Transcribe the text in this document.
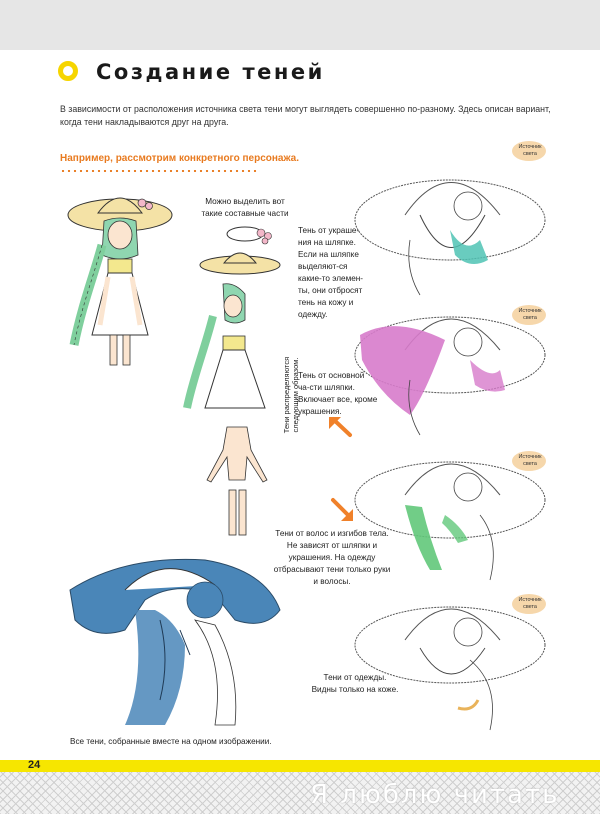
Создание теней
В зависимости от расположения источника света тени могут выглядеть совершенно по-разному. Здесь описан вариант, когда тени накладываются друг на друга.
Например, рассмотрим конкретного персонажа.
Можно выделить вот такие составные части
Источник света
Тень от украше-ния на шляпке. Если на шляпке выделяют-ся какие-то элемен-ты, они отбросят тень на кожу и одежду.	Источник света
Тень от основной ча-сти шляпки. Включает все, кроме украшения.
Тени распределяются следующим образом.
Источник света
Тени от волос и изгибов тела. Не зависят от шляпки и украшения. На одежду отбрасывают тени только руки и волосы.
Источник света
Тени от одежды. Видны только на коже.
Все тени, собранные вместе на одном изображении.
24
Я люблю читать
